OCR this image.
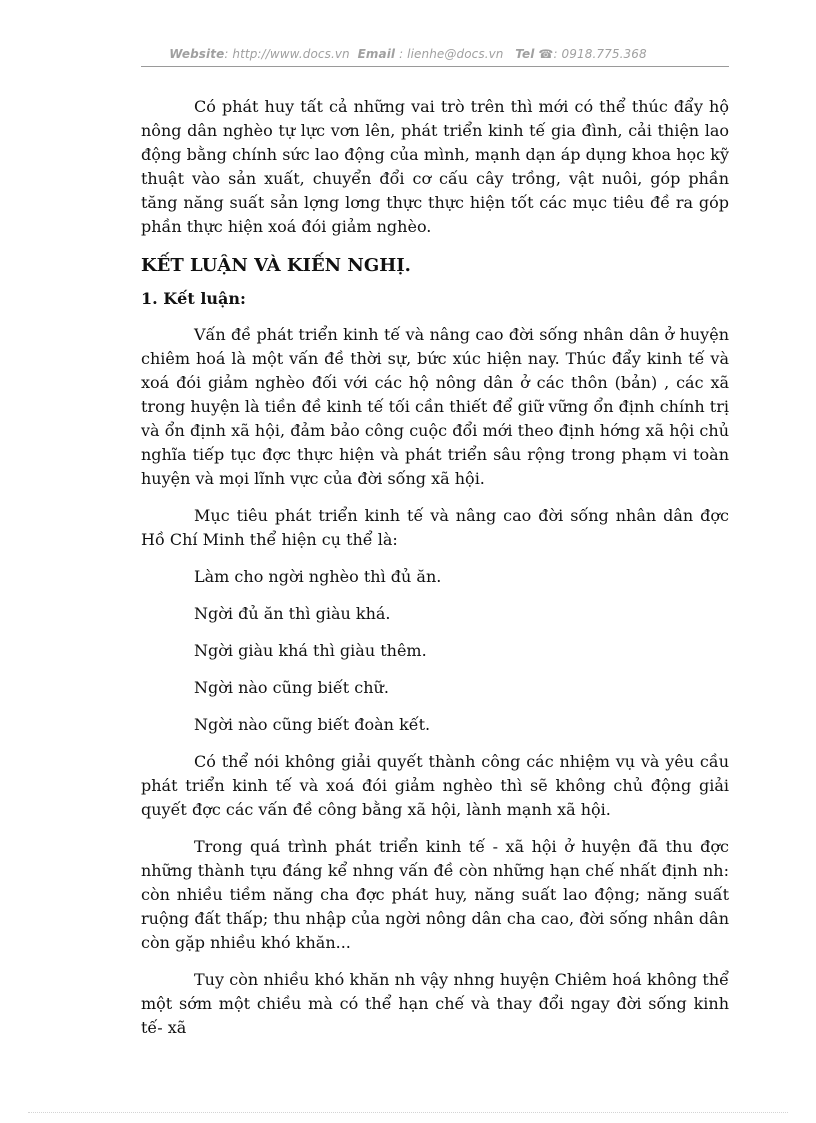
Website: http://www.docs.vn Email : lienhe@docs.vn Tel ☎: 0918.775.368

Có phát huy tất cả những vai trò trên thì mới có thể thúc đẩy hộ nông dân nghèo tự lực vơn lên, phát triển kinh tế gia đình, cải thiện lao động bằng chính sức lao động của mình, mạnh dạn áp dụng khoa học kỹ thuật vào sản xuất, chuyển đổi cơ cấu cây trồng, vật nuôi, góp phần tăng năng suất sản lợng lơng thực thực hiện tốt các mục tiêu đề ra góp phần thực hiện xoá đói giảm nghèo.

KẾT LUẬN VÀ KIẾN NGHỊ.
1. Kết luận:

Vấn đề phát triển kinh tế và nâng cao đời sống nhân dân ở huyện chiêm hoá là một vấn đề thời sự, bức xúc hiện nay. Thúc đẩy kinh tế và xoá đói giảm nghèo đối với các hộ nông dân ở các thôn (bản) , các xã trong huyện là tiền đề kinh tế tối cần thiết để giữ vững ổn định chính trị và ổn định xã hội, đảm bảo công cuộc đổi mới theo định hớng xã hội chủ nghĩa tiếp tục đợc thực hiện và phát triển sâu rộng trong phạm vi toàn huyện và mọi lĩnh vực của đời sống xã hội.

Mục tiêu phát triển kinh tế và nâng cao đời sống nhân dân đợc Hồ Chí Minh thể hiện cụ thể là:

Làm cho ngời nghèo thì đủ ăn.
Ngời đủ ăn thì giàu khá.
Ngời giàu khá thì giàu thêm.
Ngời nào cũng biết chữ.
Ngời nào cũng biết đoàn kết.

Có thể nói không giải quyết thành công các nhiệm vụ và yêu cầu phát triển kinh tế và xoá đói giảm nghèo thì sẽ không chủ động giải quyết đợc các vấn đề công bằng xã hội, lành mạnh xã hội.

Trong quá trình phát triển kinh tế - xã hội ở huyện đã thu đợc những thành tựu đáng kể nhng vấn đề còn những hạn chế nhất định nh: còn nhiều tiềm năng cha đợc phát huy, năng suất lao động; năng suất ruộng đất thấp; thu nhập của ngời nông dân cha cao, đời sống nhân dân còn gặp nhiều khó khăn...

Tuy còn nhiều khó khăn nh vậy nhng huyện Chiêm hoá không thể một sớm một chiều mà có thể hạn chế và thay đổi ngay đời sống kinh tế- xã
